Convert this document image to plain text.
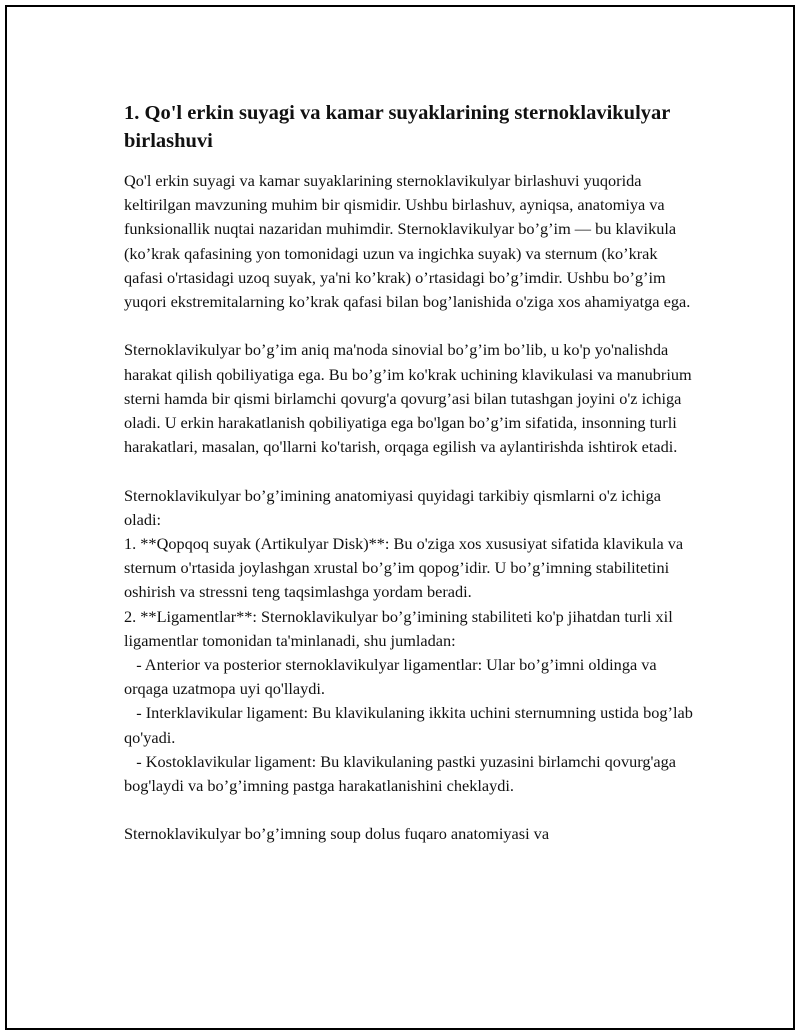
1. Qo'l erkin suyagi va kamar suyaklarining sternoklavikulyar birlashuvi

Qo'l erkin suyagi va kamar suyaklarining sternoklavikulyar birlashuvi yuqorida keltirilgan mavzuning muhim bir qismidir. Ushbu birlashuv, ayniqsa, anatomiya va funksionallik nuqtai nazaridan muhimdir. Sternoklavikulyar bo’g’im — bu klavikula (ko’krak qafasining yon tomonidagi uzun va ingichka suyak) va sternum (ko’krak qafasi o'rtasidagi uzoq suyak, ya'ni ko’krak) o’rtasidagi bo’g’imdir. Ushbu bo’g’im yuqori ekstremitalarning ko’krak qafasi bilan bog’lanishida o'ziga xos ahamiyatga ega.

Sternoklavikulyar bo’g’im aniq ma'noda sinovial bo’g’im bo’lib, u ko'p yo'nalishda harakat qilish qobiliyatiga ega. Bu bo’g’im ko'krak uchining klavikulasi va manubrium sterni hamda bir qismi birlamchi qovurg'a qovurg’asi bilan tutashgan joyini o'z ichiga oladi. U erkin harakatlanish qobiliyatiga ega bo'lgan bo’g’im sifatida, insonning turli harakatlari, masalan, qo'llarni ko'tarish, orqaga egilish va aylantirishda ishtirok etadi.

Sternoklavikulyar bo’g’imining anatomiyasi quyidagi tarkibiy qismlarni o'z ichiga oladi:
1. **Qopqoq suyak (Artikulyar Disk)**: Bu o'ziga xos xususiyat sifatida klavikula va sternum o'rtasida joylashgan xrustal bo’g’im qopog’idir. U bo’g’imning stabilitetini oshirish va stressni teng taqsimlashga yordam beradi.
2. **Ligamentlar**: Sternoklavikulyar bo’g’imining stabiliteti ko'p jihatdan turli xil ligamentlar tomonidan ta'minlanadi, shu jumladan:
- Anterior va posterior sternoklavikulyar ligamentlar: Ular bo’g’imni oldinga va orqaga uzatmopa uyi qo'llaydi.
- Interklavikular ligament: Bu klavikulaning ikkita uchini sternumning ustida bog’lab qo'yadi.
- Kostoklavikular ligament: Bu klavikulaning pastki yuzasini birlamchi qovurg'aga bog'laydi va bo’g’imning pastga harakatlanishini cheklaydi.

Sternoklavikulyar bo’g’imning soup dolus fuqaro anatomiyasi va
